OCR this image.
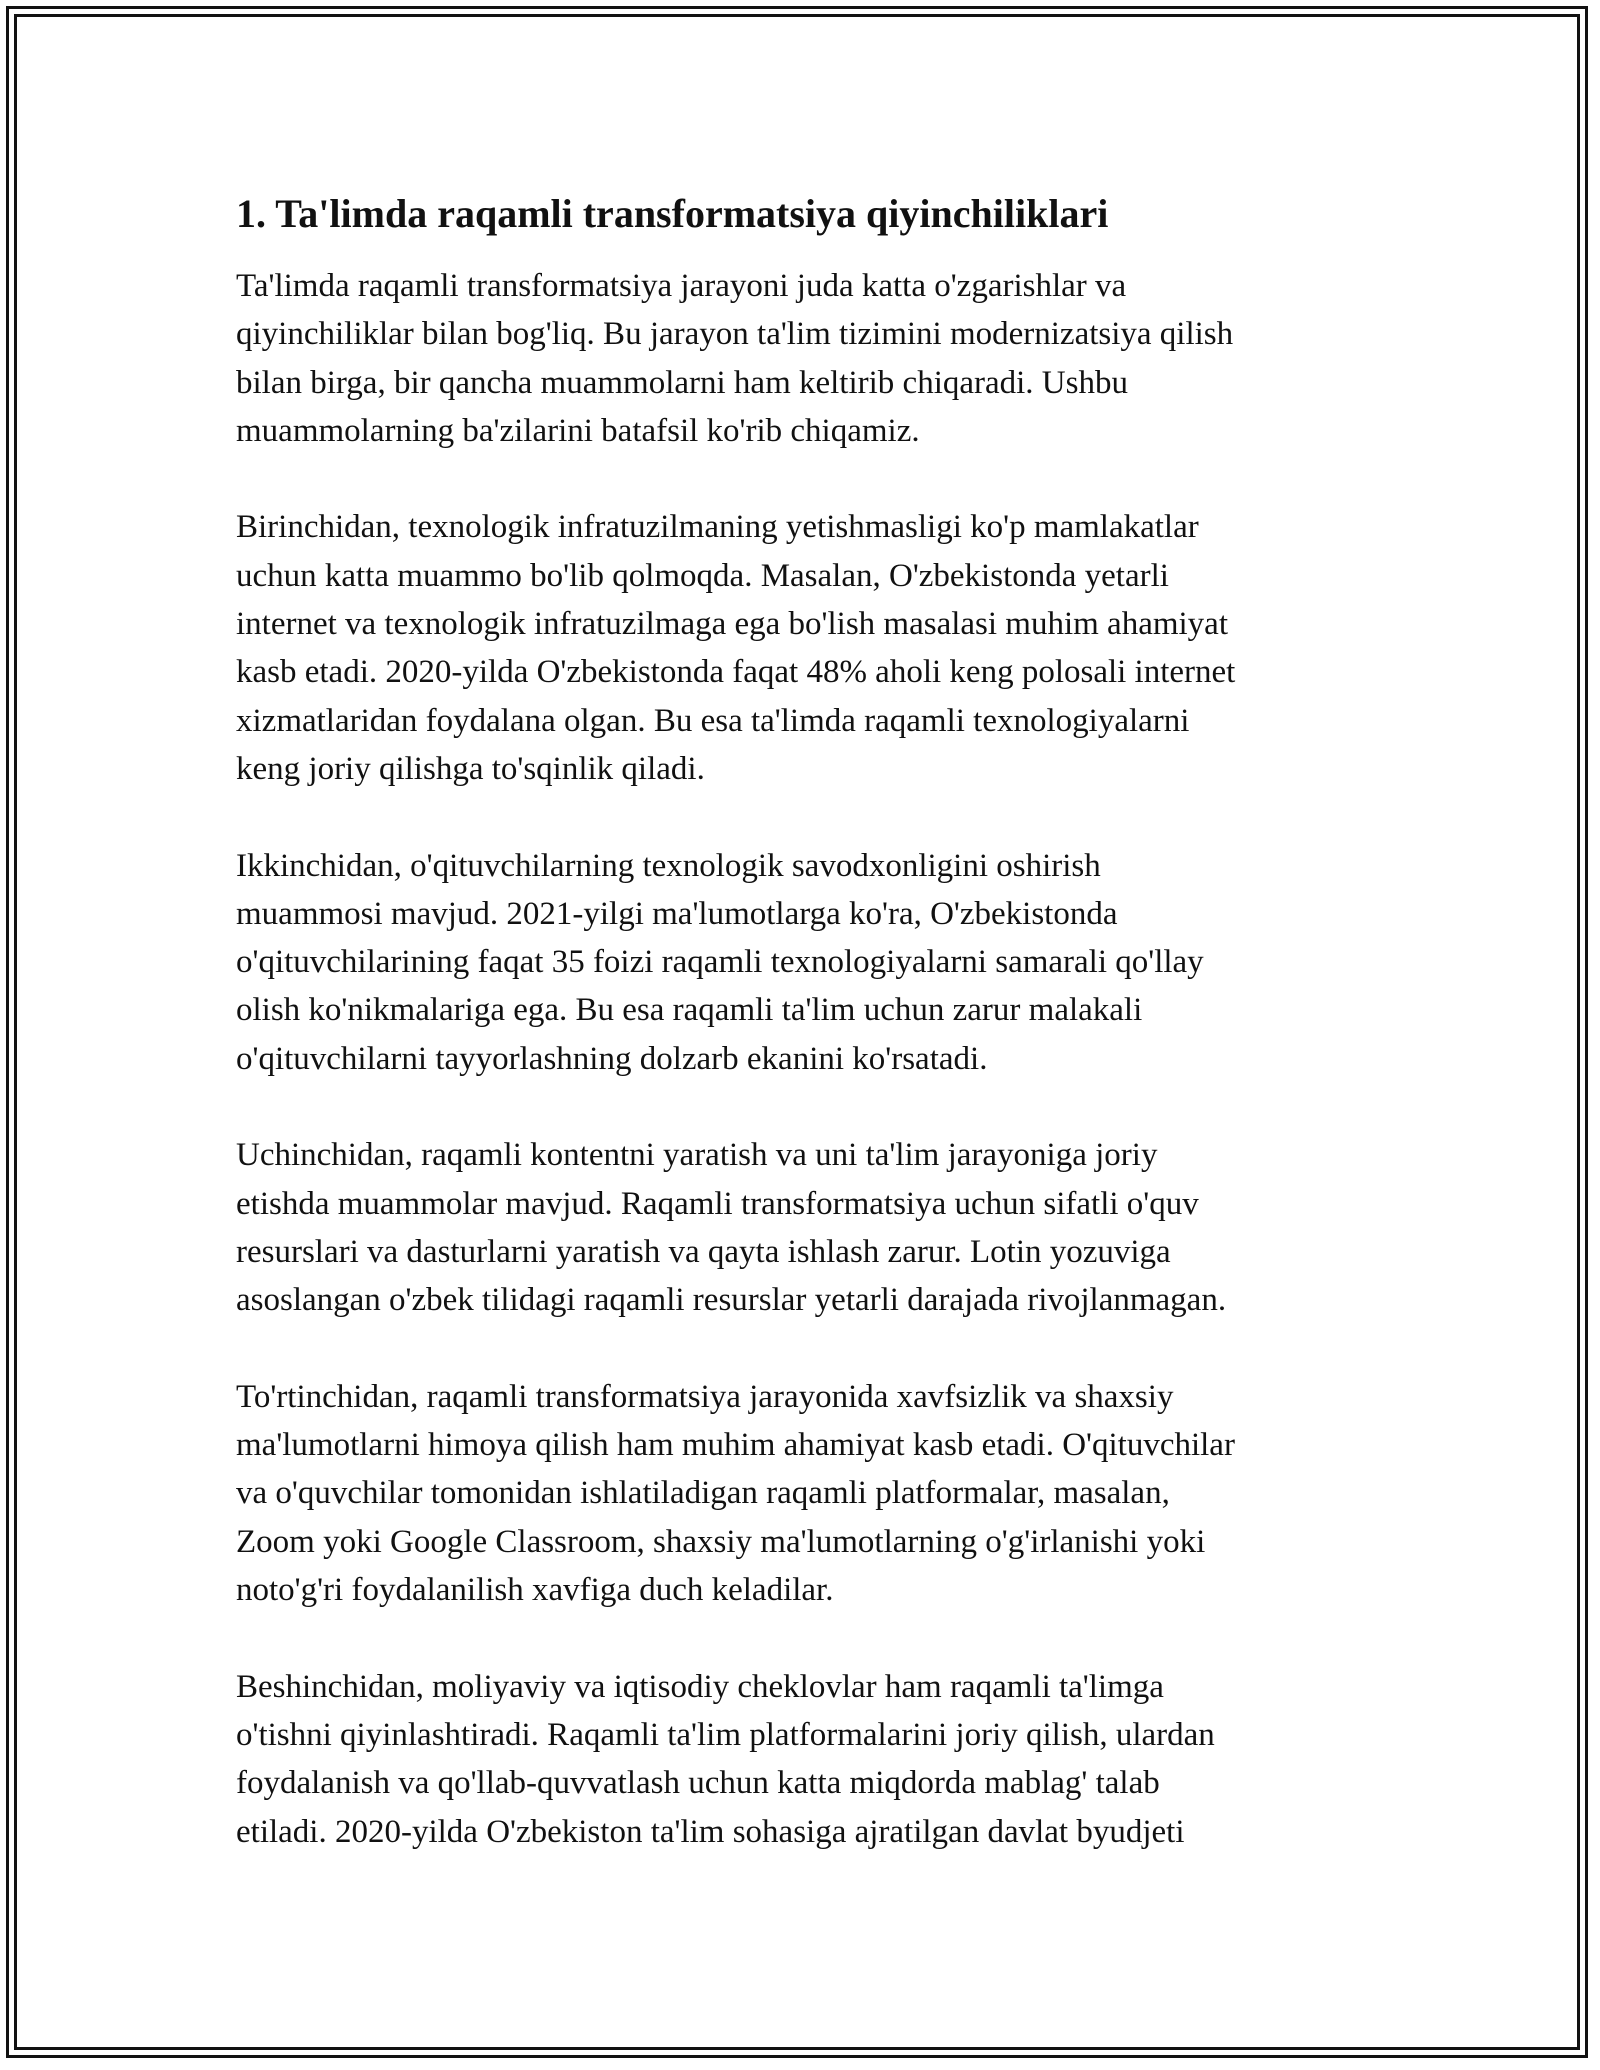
1. Ta'limda raqamli transformatsiya qiyinchiliklari
Ta'limda raqamli transformatsiya jarayoni juda katta o'zgarishlar va
qiyinchiliklar bilan bog'liq. Bu jarayon ta'lim tizimini modernizatsiya qilish
bilan birga, bir qancha muammolarni ham keltirib chiqaradi. Ushbu
muammolarning ba'zilarini batafsil ko'rib chiqamiz.
Birinchidan, texnologik infratuzilmaning yetishmasligi ko'p mamlakatlar
uchun katta muammo bo'lib qolmoqda. Masalan, O'zbekistonda yetarli
internet va texnologik infratuzilmaga ega bo'lish masalasi muhim ahamiyat
kasb etadi. 2020-yilda O'zbekistonda faqat 48% aholi keng polosali internet
xizmatlaridan foydalana olgan. Bu esa ta'limda raqamli texnologiyalarni
keng joriy qilishga to'sqinlik qiladi.
Ikkinchidan, o'qituvchilarning texnologik savodxonligini oshirish
muammosi mavjud. 2021-yilgi ma'lumotlarga ko'ra, O'zbekistonda
o'qituvchilarining faqat 35 foizi raqamli texnologiyalarni samarali qo'llay
olish ko'nikmalariga ega. Bu esa raqamli ta'lim uchun zarur malakali
o'qituvchilarni tayyorlashning dolzarb ekanini ko'rsatadi.
Uchinchidan, raqamli kontentni yaratish va uni ta'lim jarayoniga joriy
etishda muammolar mavjud. Raqamli transformatsiya uchun sifatli o'quv
resurslari va dasturlarni yaratish va qayta ishlash zarur. Lotin yozuviga
asoslangan o'zbek tilidagi raqamli resurslar yetarli darajada rivojlanmagan.
To'rtinchidan, raqamli transformatsiya jarayonida xavfsizlik va shaxsiy
ma'lumotlarni himoya qilish ham muhim ahamiyat kasb etadi. O'qituvchilar
va o'quvchilar tomonidan ishlatiladigan raqamli platformalar, masalan,
Zoom yoki Google Classroom, shaxsiy ma'lumotlarning o'g'irlanishi yoki
noto'g'ri foydalanilish xavfiga duch keladilar.
Beshinchidan, moliyaviy va iqtisodiy cheklovlar ham raqamli ta'limga
o'tishni qiyinlashtiradi. Raqamli ta'lim platformalarini joriy qilish, ulardan
foydalanish va qo'llab-quvvatlash uchun katta miqdorda mablag' talab
etiladi. 2020-yilda O'zbekiston ta'lim sohasiga ajratilgan davlat byudjeti
